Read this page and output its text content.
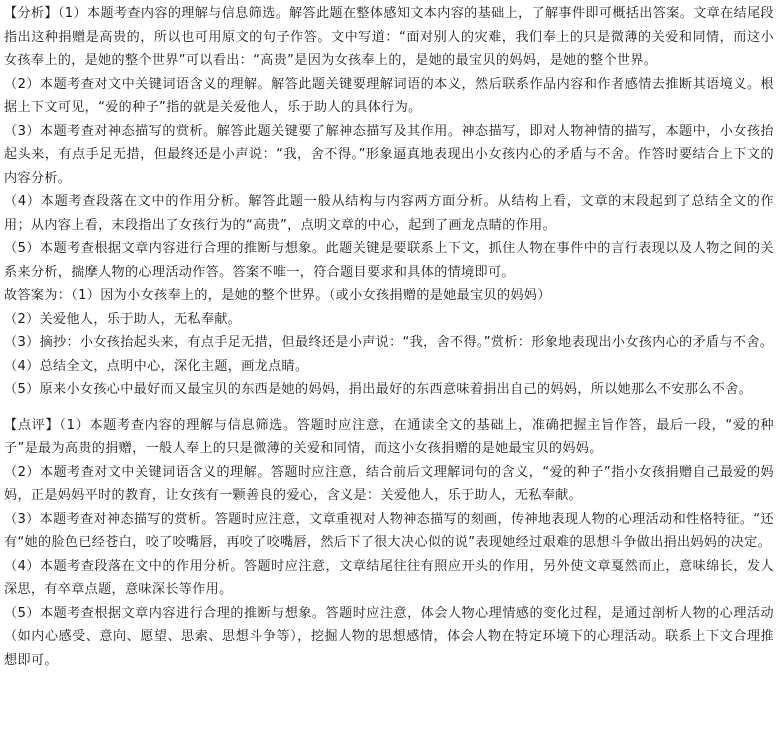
【分析】（1）本题考查内容的理解与信息筛选。解答此题在整体感知文本内容的基础上，了解事件即可概括出答案。文章在结尾段指出这种捐赠是高贵的，所以也可用原文的句子作答。文中写道：“面对别人的灾难，我们奉上的只是微薄的关爱和同情，而这小女孩奉上的，是她的整个世界”可以看出：“高贵”是因为女孩奉上的，是她的最宝贝的妈妈，是她的整个世界。

（2）本题考查对文中关键词语含义的理解。解答此题关键要理解词语的本义，然后联系作品内容和作者感情去推断其语境义。根据上下文可见，“爱的种子”指的就是关爱他人，乐于助人的具体行为。

（3）本题考查对神态描写的赏析。解答此题关键要了解神态描写及其作用。神态描写，即对人物神情的描写，本题中，小女孩抬起头来，有点手足无措，但最终还是小声说：“我，舍不得。”形象逼真地表现出小女孩内心的矛盾与不舍。作答时要结合上下文的内容分析。

（4）本题考查段落在文中的作用分析。解答此题一般从结构与内容两方面分析。从结构上看，文章的末段起到了总结全文的作用；从内容上看，末段指出了女孩行为的“高贵”，点明文章的中心，起到了画龙点睛的作用。

（5）本题考查根据文章内容进行合理的推断与想象。此题关键是要联系上下文，抓住人物在事件中的言行表现以及人物之间的关系来分析，揣摩人物的心理活动作答。答案不唯一，符合题目要求和具体的情境即可。

故答案为：（1）因为小女孩奉上的，是她的整个世界。（或小女孩捐赠的是她最宝贝的妈妈）

（2）关爱他人，乐于助人，无私奉献。

（3）摘抄：小女孩抬起头来，有点手足无措，但最终还是小声说：“我，舍不得。”赏析：形象地表现出小女孩内心的矛盾与不舍。

（4）总结全文，点明中心，深化主题，画龙点睛。

（5）原来小女孩心中最好而又最宝贝的东西是她的妈妈，捐出最好的东西意味着捐出自己的妈妈，所以她那么不安那么不舍。

【点评】（1）本题考查内容的理解与信息筛选。答题时应注意，在通读全文的基础上，准确把握主旨作答，最后一段，“爱的种子”是最为高贵的捐赠，一般人奉上的只是微薄的关爱和同情，而这小女孩捐赠的是她最宝贝的妈妈。

（2）本题考查对文中关键词语含义的理解。答题时应注意，结合前后文理解词句的含义，“爱的种子”指小女孩捐赠自己最爱的妈妈，正是妈妈平时的教育，让女孩有一颗善良的爱心，含义是：关爱他人，乐于助人，无私奉献。

（3）本题考查对神态描写的赏析。答题时应注意，文章重视对人物神态描写的刻画，传神地表现人物的心理活动和性格特征。“还有“她的脸色已经苍白，咬了咬嘴唇，再咬了咬嘴唇，然后下了很大决心似的说”表现她经过艰难的思想斗争做出捐出妈妈的决定。

（4）本题考查段落在文中的作用分析。答题时应注意，文章结尾往往有照应开头的作用，另外使文章戛然而止，意味绵长，发人深思，有卒章点题，意味深长等作用。

（5）本题考查根据文章内容进行合理的推断与想象。答题时应注意，体会人物心理情感的变化过程，是通过剖析人物的心理活动（如内心感受、意向、愿望、思索、思想斗争等），挖掘人物的思想感情，体会人物在特定环境下的心理活动。联系上下文合理推想即可。
